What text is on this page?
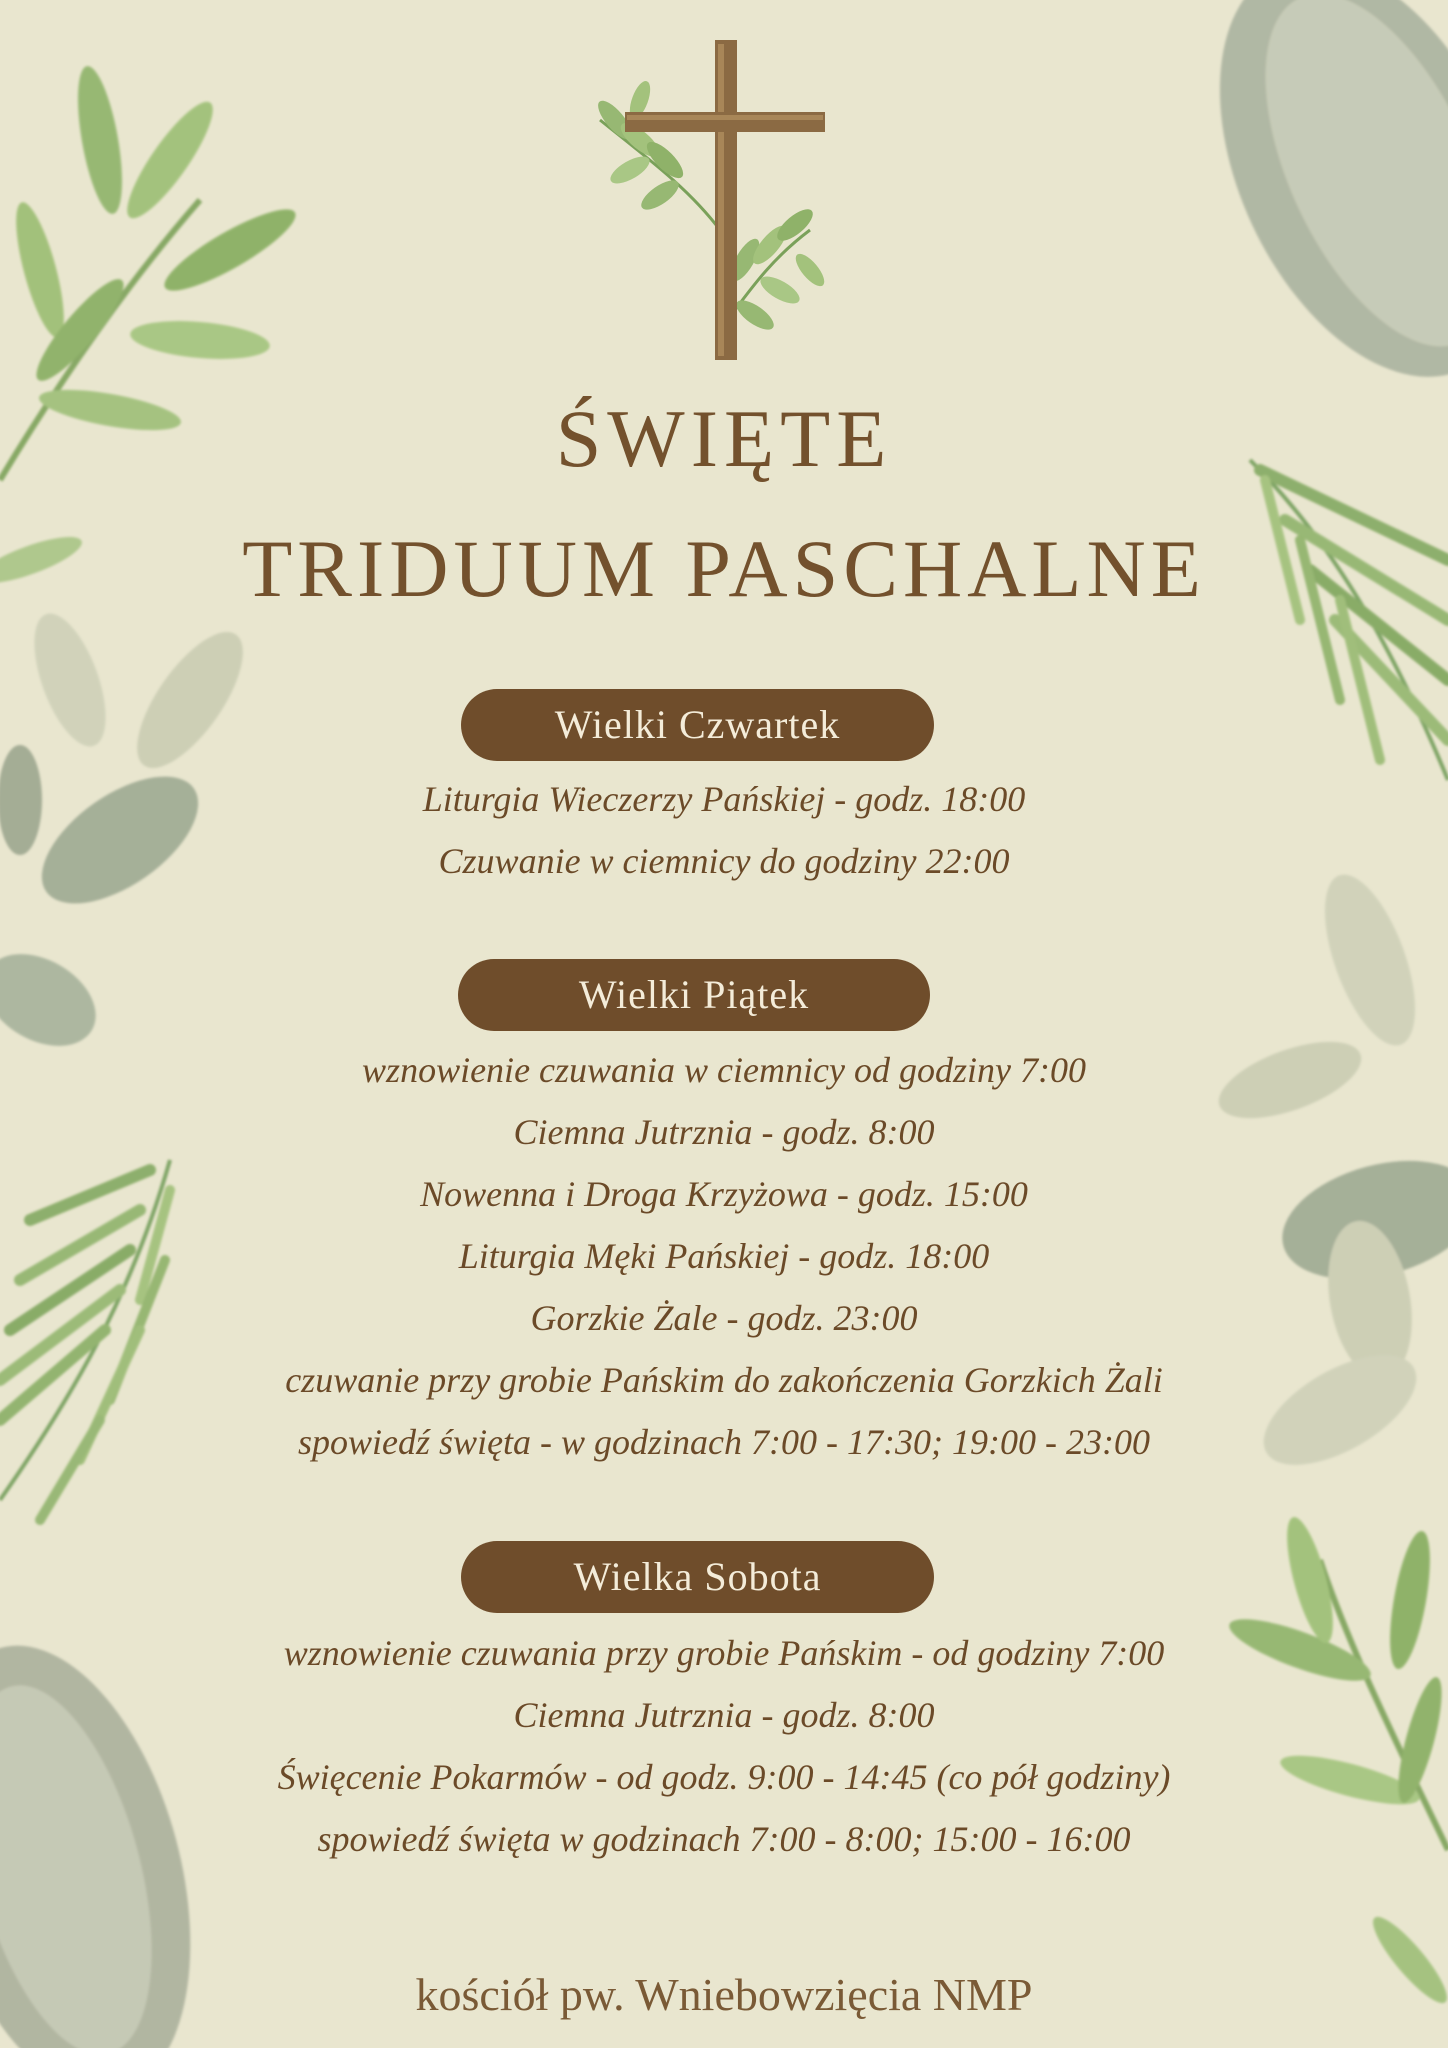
ŚWIĘTE
TRIDUUM PASCHALNE
Wielki Czwartek
Liturgia Wieczerzy Pańskiej - godz. 18:00
Czuwanie w ciemnicy do godziny 22:00
Wielki Piątek
wznowienie czuwania w ciemnicy od godziny 7:00
Ciemna Jutrznia - godz. 8:00
Nowenna i Droga Krzyżowa - godz. 15:00
Liturgia Męki Pańskiej - godz. 18:00
Gorzkie Żale - godz. 23:00
czuwanie przy grobie Pańskim do zakończenia Gorzkich Żali
spowiedź święta - w godzinach 7:00 - 17:30; 19:00 - 23:00
Wielka Sobota
wznowienie czuwania przy grobie Pańskim - od godziny 7:00
Ciemna Jutrznia - godz. 8:00
Święcenie Pokarmów - od godz. 9:00 - 14:45 (co pół godziny)
spowiedź święta w godzinach 7:00 - 8:00; 15:00 - 16:00
kościół pw. Wniebowzięcia NMP
